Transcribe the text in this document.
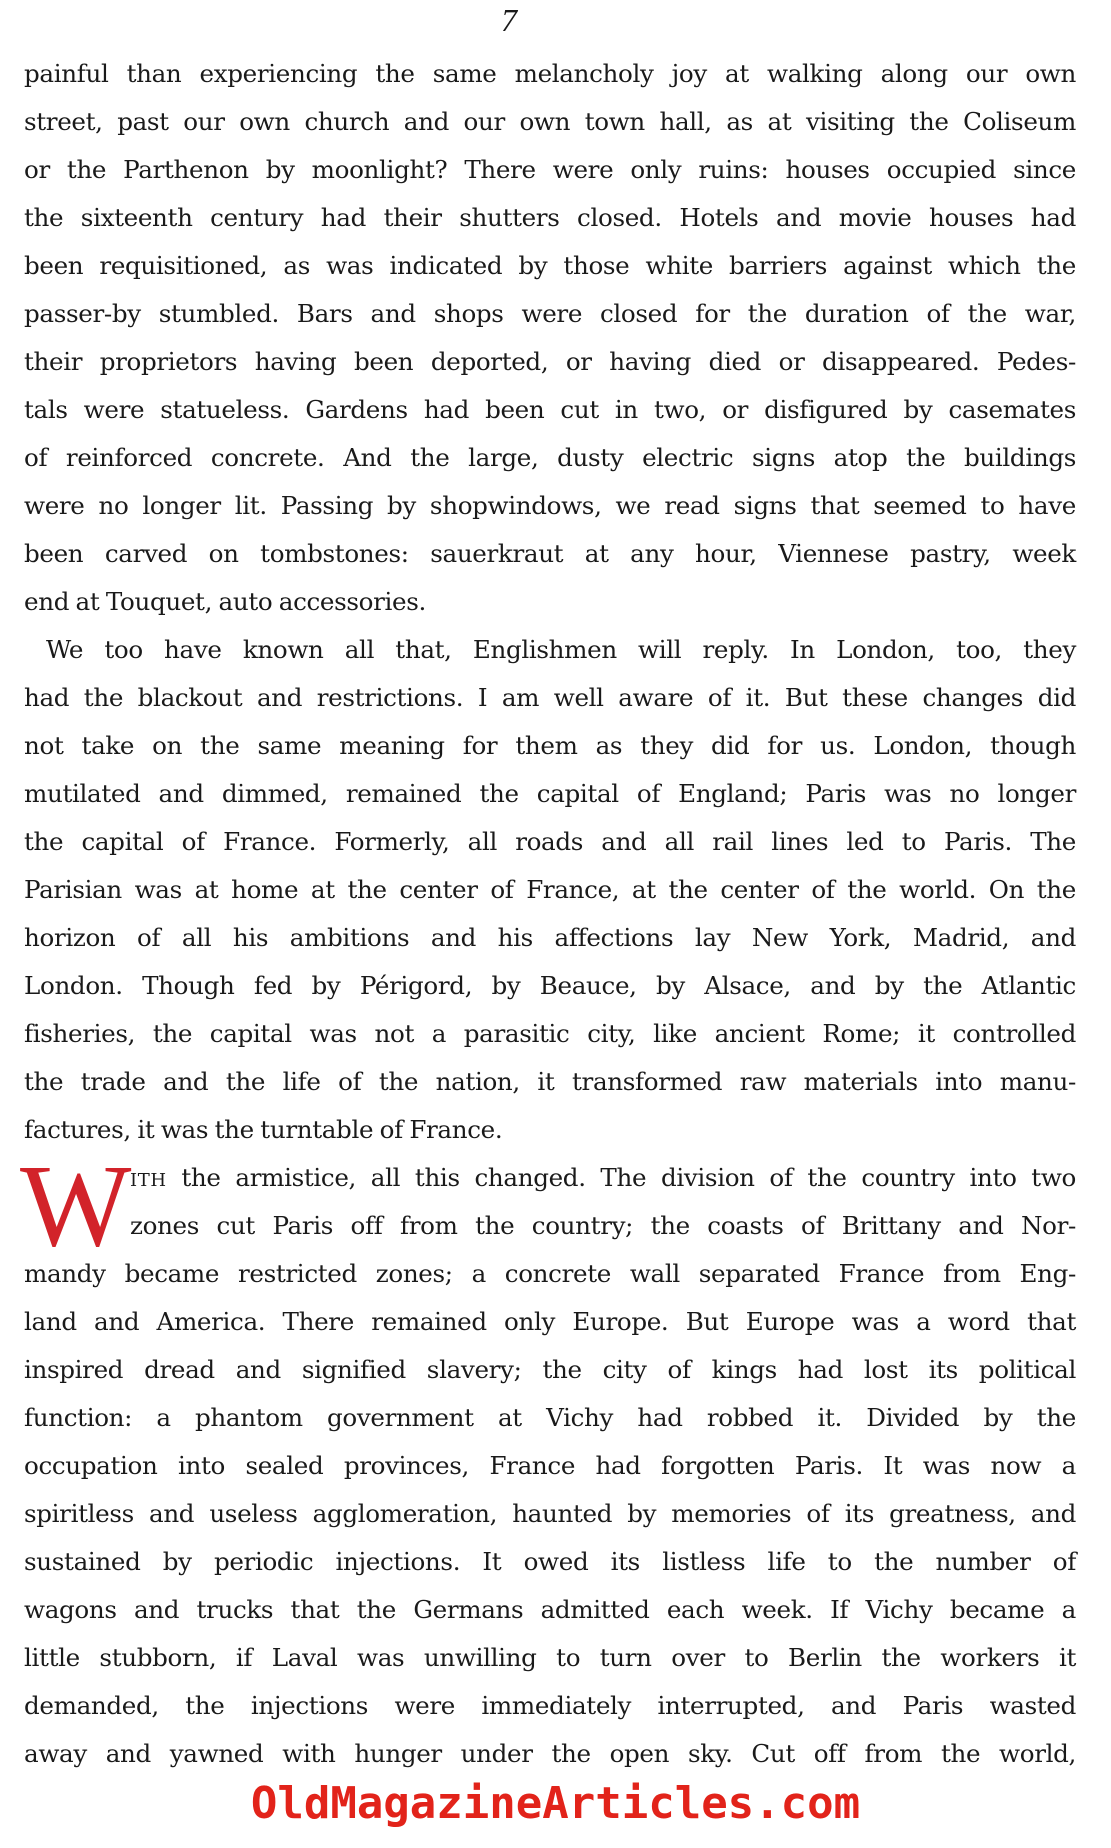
7
painful than experiencing the same melancholy joy at walking along our own
street, past our own church and our own town hall, as at visiting the Coliseum
or the Parthenon by moonlight? There were only ruins: houses occupied since
the sixteenth century had their shutters closed. Hotels and movie houses had
been requisitioned, as was indicated by those white barriers against which the
passer-by stumbled. Bars and shops were closed for the duration of the war,
their proprietors having been deported, or having died or disappeared. Pedes-
tals were statueless. Gardens had been cut in two, or disfigured by casemates
of reinforced concrete. And the large, dusty electric signs atop the buildings
were no longer lit. Passing by shopwindows, we read signs that seemed to have
been carved on tombstones: sauerkraut at any hour, Viennese pastry, week
end at Touquet, auto accessories.
We too have known all that, Englishmen will reply. In London, too, they
had the blackout and restrictions. I am well aware of it. But these changes did
not take on the same meaning for them as they did for us. London, though
mutilated and dimmed, remained the capital of England; Paris was no longer
the capital of France. Formerly, all roads and all rail lines led to Paris. The
Parisian was at home at the center of France, at the center of the world. On the
horizon of all his ambitions and his affections lay New York, Madrid, and
London. Though fed by Périgord, by Beauce, by Alsace, and by the Atlantic
fisheries, the capital was not a parasitic city, like ancient Rome; it controlled
the trade and the life of the nation, it transformed raw materials into manu-
factures, it was the turntable of France.
W
ITH the armistice, all this changed. The division of the country into two
zones cut Paris off from the country; the coasts of Brittany and Nor-
mandy became restricted zones; a concrete wall separated France from Eng-
land and America. There remained only Europe. But Europe was a word that
inspired dread and signified slavery; the city of kings had lost its political
function: a phantom government at Vichy had robbed it. Divided by the
occupation into sealed provinces, France had forgotten Paris. It was now a
spiritless and useless agglomeration, haunted by memories of its greatness, and
sustained by periodic injections. It owed its listless life to the number of
wagons and trucks that the Germans admitted each week. If Vichy became a
little stubborn, if Laval was unwilling to turn over to Berlin the workers it
demanded, the injections were immediately interrupted, and Paris wasted
away and yawned with hunger under the open sky. Cut off from the world,
OldMagazineArticles.com
